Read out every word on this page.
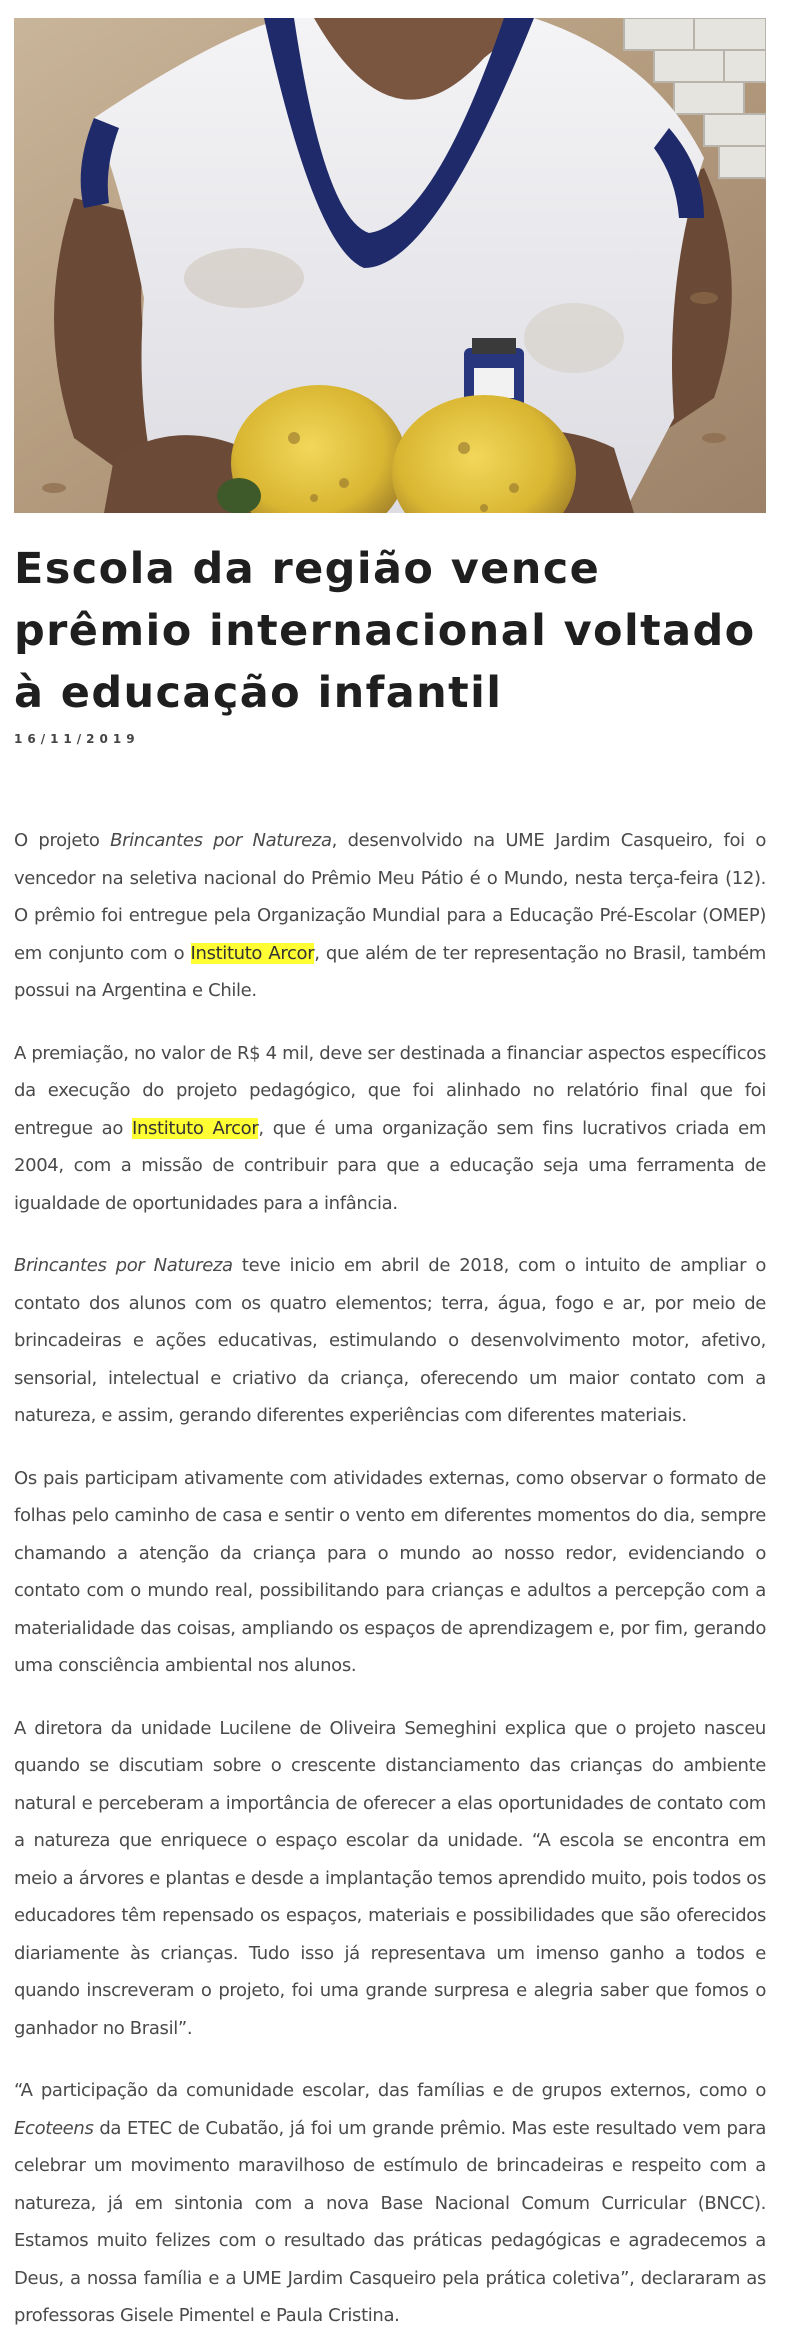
Escola da região vence prêmio internacional voltado à educação infantil
16/11/2019

O projeto Brincantes por Natureza, desenvolvido na UME Jardim Casqueiro, foi o vencedor na seletiva nacional do Prêmio Meu Pátio é o Mundo, nesta terça-feira (12). O prêmio foi entregue pela Organização Mundial para a Educação Pré-Escolar (OMEP) em conjunto com o Instituto Arcor, que além de ter representação no Brasil, também possui na Argentina e Chile.

A premiação, no valor de R$ 4 mil, deve ser destinada a financiar aspectos específicos da execução do projeto pedagógico, que foi alinhado no relatório final que foi entregue ao Instituto Arcor, que é uma organização sem fins lucrativos criada em 2004, com a missão de contribuir para que a educação seja uma ferramenta de igualdade de oportunidades para a infância.

Brincantes por Natureza teve inicio em abril de 2018, com o intuito de ampliar o contato dos alunos com os quatro elementos; terra, água, fogo e ar, por meio de brincadeiras e ações educativas, estimulando o desenvolvimento motor, afetivo, sensorial, intelectual e criativo da criança, oferecendo um maior contato com a natureza, e assim, gerando diferentes experiências com diferentes materiais.

Os pais participam ativamente com atividades externas, como observar o formato de folhas pelo caminho de casa e sentir o vento em diferentes momentos do dia, sempre chamando a atenção da criança para o mundo ao nosso redor, evidenciando o contato com o mundo real, possibilitando para crianças e adultos a percepção com a materialidade das coisas, ampliando os espaços de aprendizagem e, por fim, gerando uma consciência ambiental nos alunos.

A diretora da unidade Lucilene de Oliveira Semeghini explica que o projeto nasceu quando se discutiam sobre o crescente distanciamento das crianças do ambiente natural e perceberam a importância de oferecer a elas oportunidades de contato com a natureza que enriquece o espaço escolar da unidade. “A escola se encontra em meio a árvores e plantas e desde a implantação temos aprendido muito, pois todos os educadores têm repensado os espaços, materiais e possibilidades que são oferecidos diariamente às crianças. Tudo isso já representava um imenso ganho a todos e quando inscreveram o projeto, foi uma grande surpresa e alegria saber que fomos o ganhador no Brasil”.

“A participação da comunidade escolar, das famílias e de grupos externos, como o Ecoteens da ETEC de Cubatão, já foi um grande prêmio. Mas este resultado vem para celebrar um movimento maravilhoso de estímulo de brincadeiras e respeito com a natureza, já em sintonia com a nova Base Nacional Comum Curricular (BNCC). Estamos muito felizes com o resultado das práticas pedagógicas e agradecemos a Deus, a nossa família e a UME Jardim Casqueiro pela prática coletiva”, declararam as professoras Gisele Pimentel e Paula Cristina.
